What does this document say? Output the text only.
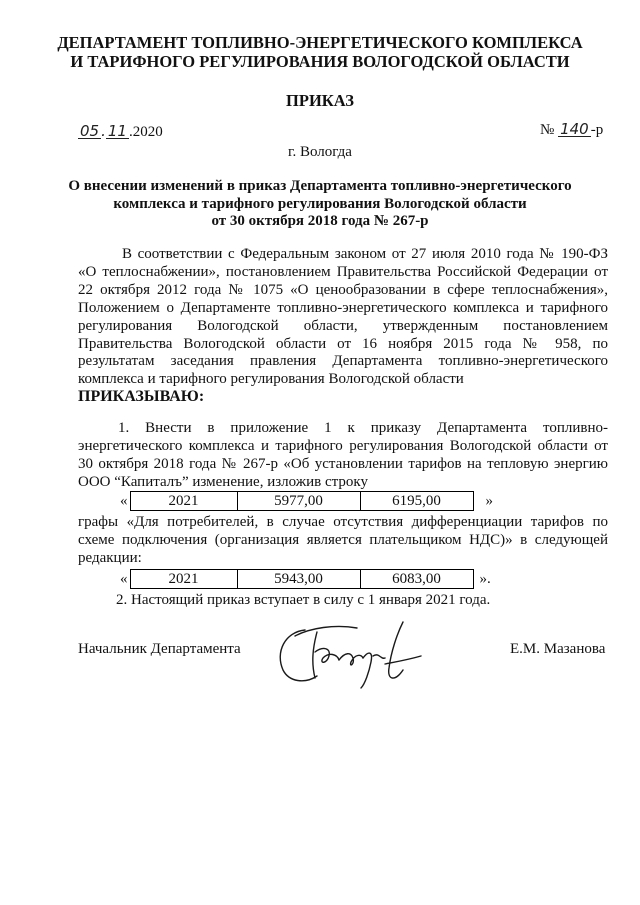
ДЕПАРТАМЕНТ ТОПЛИВНО-ЭНЕРГЕТИЧЕСКОГО КОМПЛЕКСА
И ТАРИФНОГО РЕГУЛИРОВАНИЯ ВОЛОГОДСКОЙ ОБЛАСТИ
ПРИКАЗ
05 . 11 .2020	№ 140 -р
г. Вологда
О внесении изменений в приказ Департамента топливно-энергетического
комплекса и тарифного регулирования Вологодской области
от 30 октября 2018 года № 267-р
В соответствии с Федеральным законом от 27 июля 2010 года № 190-ФЗ
«О теплоснабжении», постановлением Правительства Российской Федерации от
22 октября 2012 года № 1075 «О ценообразовании в сфере теплоснабжения»,
Положением о Департаменте топливно-энергетического комплекса и тарифного
регулирования Вологодской области, утвержденным постановлением
Правительства Вологодской области от 16 ноября 2015 года № 958, по
результатам заседания правления Департамента топливно-энергетического
комплекса и тарифного регулирования Вологодской области
ПРИКАЗЫВАЮ:
1. Внести в приложение 1 к приказу Департамента топливно-
энергетического комплекса и тарифного регулирования Вологодской области от
30 октября 2018 года № 267-р «Об установлении тарифов на тепловую энергию
ООО “Капиталъ” изменение, изложив строку
«	2021	5977,00	6195,00	»
графы «Для потребителей, в случае отсутствия дифференциации тарифов по
схеме подключения (организация является плательщиком НДС)» в следующей
редакции:
«	2021	5943,00	6083,00	».
2. Настоящий приказ вступает в силу с 1 января 2021 года.
Начальник Департамента	Е.М. Мазанова
